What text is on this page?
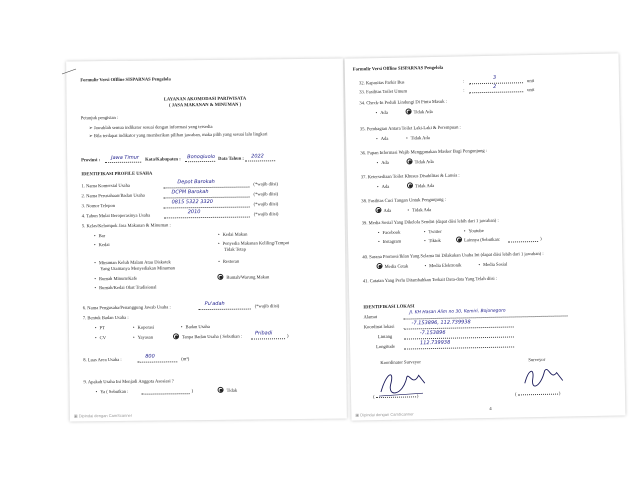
Formulir Versi Offline SISPARNAS Pengelola
LAYANAN AKOMODASI PARIWISATA
( JASA MAKANAN & MINUMAN )
Petunjuk pengisian :
➢ Jawablah semua indikator sesuai dengan informasi yang tersedia
➢ Bila terdapat indikator yang memberikan pilihan jawaban, maka pilih yang sesuai lalu lingkari
Provinsi : Jawa Timur Kota/Kabupaten : Bonoqiuolo Data Tahun : 2022
IDENTIFIKASI PROFILE USAHA
1. Nama Komersial Usaha
Depot Barokah	(*wajib diisi)
2. Nama Perusahaan/Badan Usaha
DCPM Barokah	(*wajib diisi)
3. Nomor Telepon
0815 5322 3320	(*wajib diisi)
4. Tahun Mulai Beroperasinya Usaha
2010	(*wajib diisi)
5. Kelas/Kelompok Jasa Makanan & Minuman :
• Bar	• Kedai Makan
• Kedai	• Penyedia Makanan Keliling/Tempat
Tidak Tetap
• Minuman Keluh Malam Atau Diskotek
Yang Utamanya Menyediakan Minuman
• Restoran
• Rumah Minum/Kafe	Rumah/Warung Makan
• Rumah/Kedai Obat Tradisional
6. Nama Pengusaha/Penanggung Jawab Usaha :
Pu'adah	(*wajib diisi)
7. Bentuk Badan Usaha :
• PT	• Koperasi	• Badan Usaha
• CV	• Yayasan	Tanpa Badan Usaha ( Sebutkan :	Pribadi	)
8. Luas Area Usaha :	800	(m²)
9. Apakah Usaha Ini Menjadi Anggota Asosiasi ?
• Ya ( Sebutkan :	)	Tidak
▣ Dipindai dengan CamScanner
Formulir Versi Offline SISPARNAS Pengelola
32. Kapasitas Parkir Bus	:
3	unit
33. Fasilitas Toilet Umum	:
2	unit
34. Check-In Peduli Lindungi Di Pintu Masuk :
• Ada	Tidak Ada
35. Pembagian Antara Toilet Laki-Laki & Perempuan :
• Ada	• Tidak Ada
36. Papan Informasi Wajib Menggunakan Masker Bagi Pengunjung :
• Ada	Tidak Ada
37. Ketersediaan Toilet Khusus Disabilitas & Lansia :
• Ada	Tidak Ada
38. Fasilitas Cuci Tangan Untuk Pengunjung :
Ada	• Tidak Ada
39. Media Sosial Yang Dikelola Sendiri (dapat diisi lebih dari 1 jawaban) :
• Facebook	• Twitter	• Youtube
• Instagram	• Tiktok	Lainnya (Sebutkan:	)
40. Sarana Promosi/Iklan Yang Selama Ini Dilakukan Usaha Ini (dapat diisi lebih dari 1 jawaban) :
Media Cetak	• Media Elektronik	• Media Sosial
41. Catatan Yang Perlu Ditambahkan Terkait Data-data Yang Telah diisi :
IDENTIFIKASI LOKASI
Alamat
Jl. KH Hasan Alim no 30, Kemiri, Bojonegoro
Koordinat lokasi
-7.153896, 112.739938
Lintang
-7.153896
Longitude
112.739938
Koordinator Surveyor	Surveyor
(	)	(	)
4
▣ Dipindai dengan CamScanner
